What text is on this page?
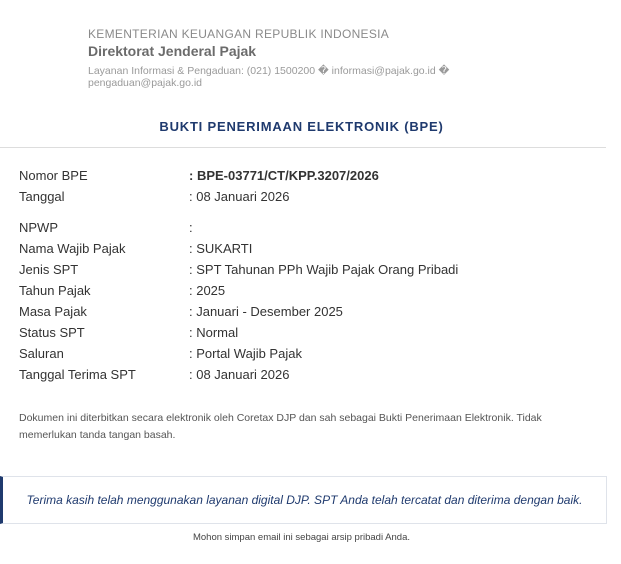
KEMENTERIAN KEUANGAN REPUBLIK INDONESIA
Direktorat Jenderal Pajak
Layanan Informasi & Pengaduan: (021) 1500200 � informasi@pajak.go.id � pengaduan@pajak.go.id
BUKTI PENERIMAAN ELEKTRONIK (BPE)
Nomor BPE	: BPE-03771/CT/KPP.3207/2026
Tanggal	: 08 Januari 2026
NPWP	:
Nama Wajib Pajak	: SUKARTI
Jenis SPT	: SPT Tahunan PPh Wajib Pajak Orang Pribadi
Tahun Pajak	: 2025
Masa Pajak	: Januari - Desember 2025
Status SPT	: Normal
Saluran	: Portal Wajib Pajak
Tanggal Terima SPT	: 08 Januari 2026
Dokumen ini diterbitkan secara elektronik oleh Coretax DJP dan sah sebagai Bukti Penerimaan Elektronik. Tidak memerlukan tanda tangan basah.
Terima kasih telah menggunakan layanan digital DJP. SPT Anda telah tercatat dan diterima dengan baik.
Mohon simpan email ini sebagai arsip pribadi Anda.
